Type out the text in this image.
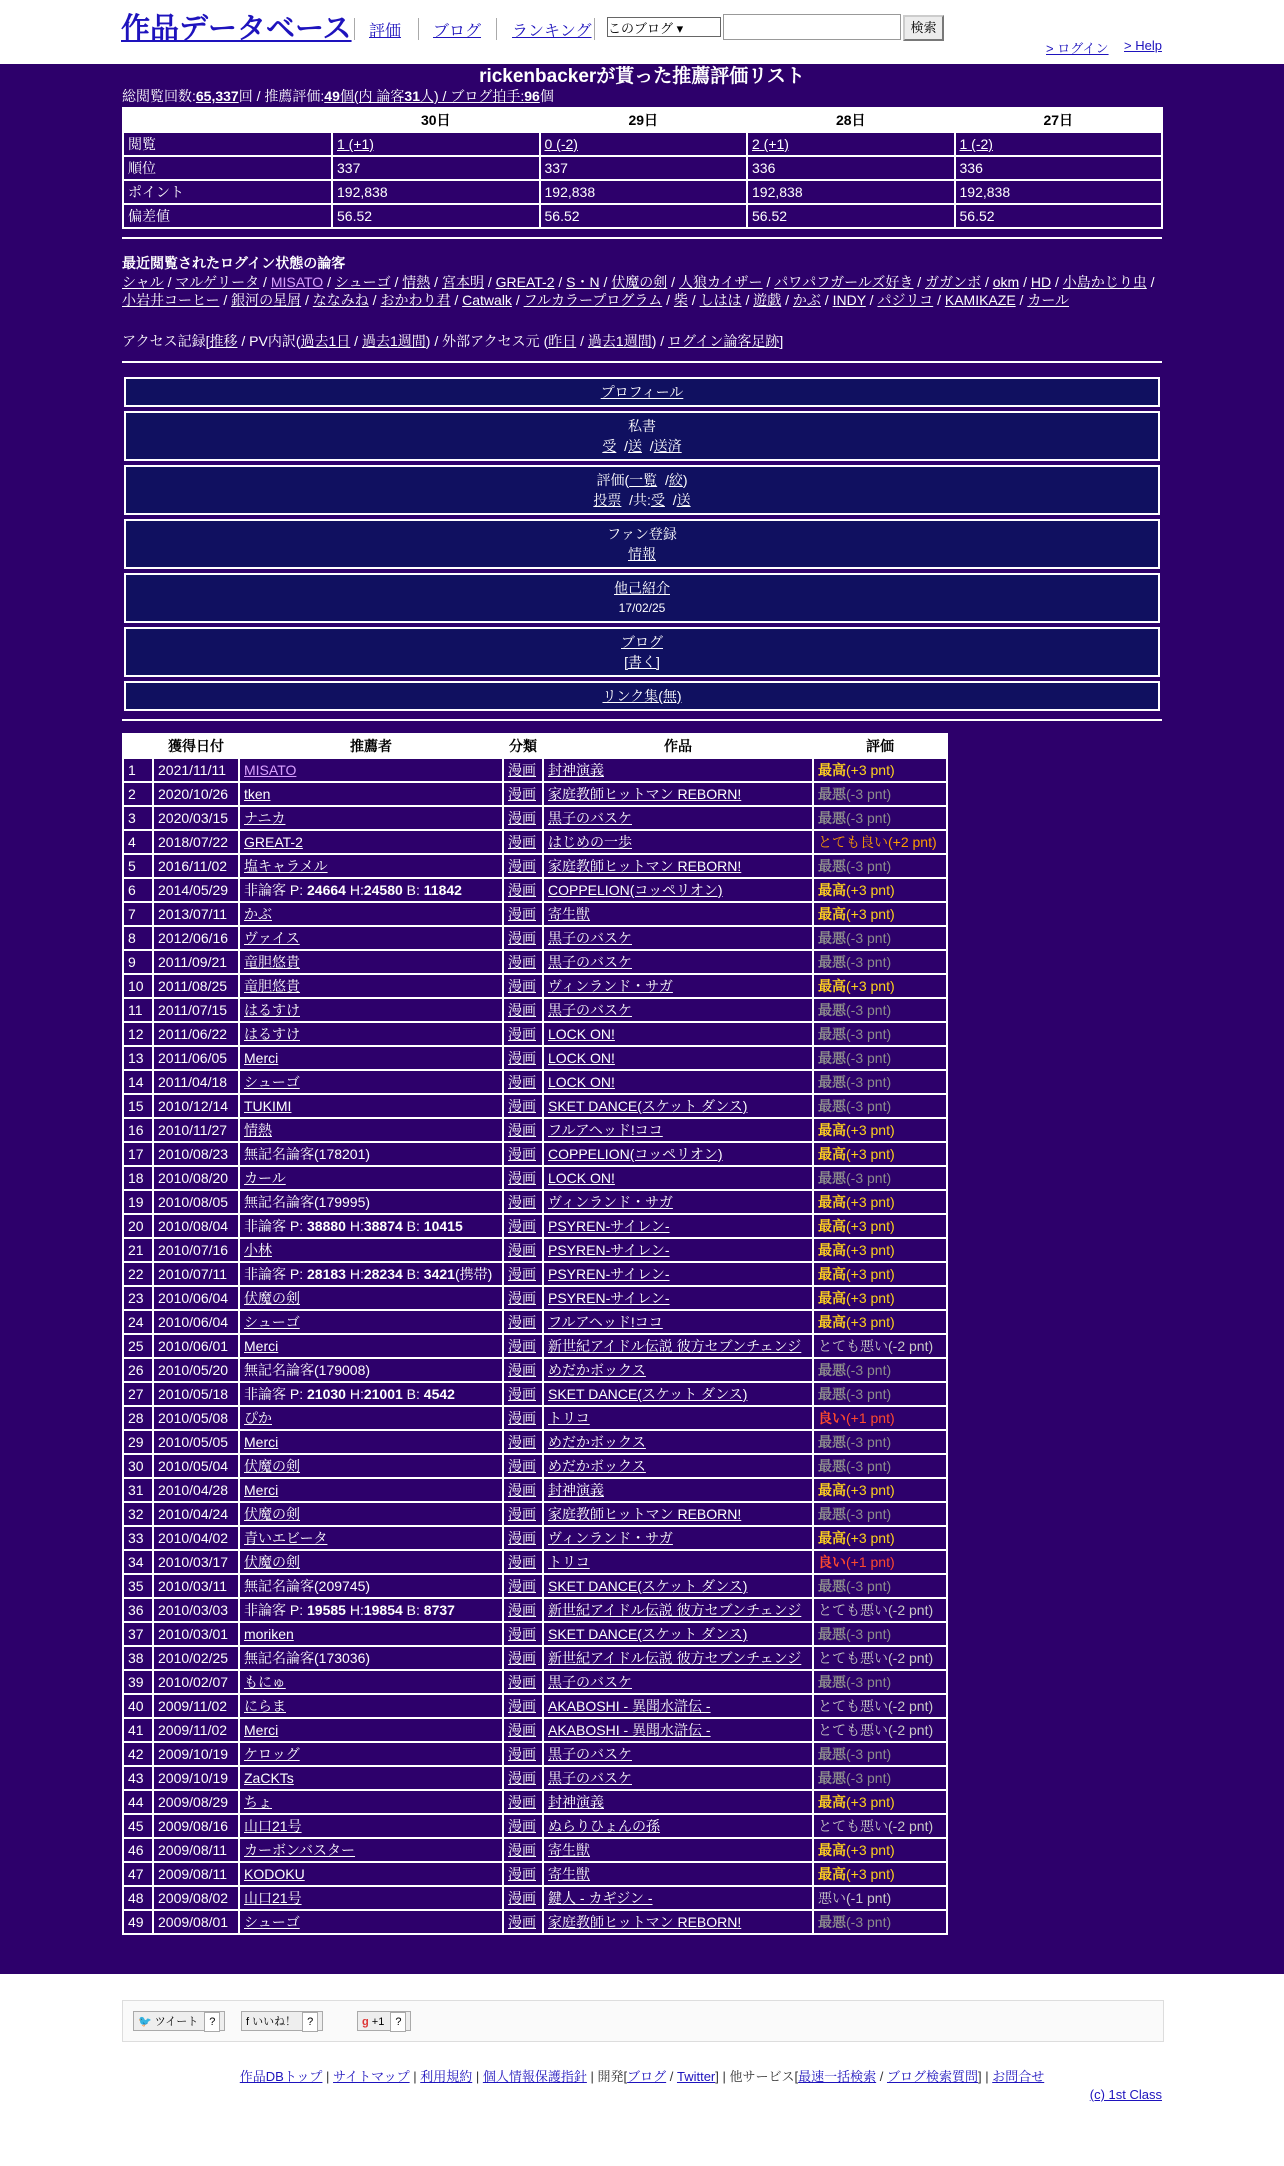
作品データベース 評価 ブログ ランキング このブログ ▾	検索
> ログイン > Help
rickenbackerが貰った推薦評価リスト
総閲覧回数:65,337回 / 推薦評価:49個(内 論客31人) / ブログ拍手:96個
	30日	29日	28日	27日
閲覧	1 (+1)	0 (-2)	2 (+1)	1 (-2)
順位	337	337	336	336
ポイント	192,838	192,838	192,838	192,838
偏差値	56.52	56.52	56.52	56.52
最近閲覧されたログイン状態の論客
シャル / マルゲリータ / MISATO / シューゴ / 情熱 / 宮本明 / GREAT-2 / S・N / 伏魔の剣 / 人狼カイザー / パワパフガールズ好き / ガガンボ / okm / HD / 小島かじり虫 / 小岩井コーヒー / 銀河の星屑 / ななみね / おかわり君 / Catwalk / フルカラープログラム / 柴 / しはは / 遊戯 / かぶ / INDY / パジリコ / KAMIKAZE / カール
アクセス記録[推移 / PV内訳(過去1日 / 過去1週間) / 外部アクセス元 (昨日 / 過去1週間) / ログイン論客足跡]
プロフィール
私書
受  /送  /送済
評価(一覧 /絞)
投票 /共:受  /送
ファン登録
情報
他己紹介
17/02/25
ブログ
[書く]
リンク集(無)
	獲得日付	推薦者	分類	作品	評価
1	2021/11/11	MISATO	漫画	封神演義	最高(+3 pnt)
2	2020/10/26	tken	漫画	家庭教師ヒットマン REBORN!	最悪(-3 pnt)
3	2020/03/15	ナニカ	漫画	黒子のバスケ	最悪(-3 pnt)
4	2018/07/22	GREAT-2	漫画	はじめの一歩	とても良い(+2 pnt)
5	2016/11/02	塩キャラメル	漫画	家庭教師ヒットマン REBORN!	最悪(-3 pnt)
6	2014/05/29	非論客 P: 24664 H:24580 B: 11842	漫画	COPPELION(コッペリオン)	最高(+3 pnt)
7	2013/07/11	かぶ	漫画	寄生獣	最高(+3 pnt)
8	2012/06/16	ヴァイス	漫画	黒子のバスケ	最悪(-3 pnt)
9	2011/09/21	竜胆悠貴	漫画	黒子のバスケ	最悪(-3 pnt)
10	2011/08/25	竜胆悠貴	漫画	ヴィンランド・サガ	最高(+3 pnt)
11	2011/07/15	はるすけ	漫画	黒子のバスケ	最悪(-3 pnt)
12	2011/06/22	はるすけ	漫画	LOCK ON!	最悪(-3 pnt)
13	2011/06/05	Merci	漫画	LOCK ON!	最悪(-3 pnt)
14	2011/04/18	シューゴ	漫画	LOCK ON!	最悪(-3 pnt)
15	2010/12/14	TUKIMI	漫画	SKET DANCE(スケット ダンス)	最悪(-3 pnt)
16	2010/11/27	情熱	漫画	フルアヘッド!ココ	最高(+3 pnt)
17	2010/08/23	無記名論客(178201)	漫画	COPPELION(コッペリオン)	最高(+3 pnt)
18	2010/08/20	カール	漫画	LOCK ON!	最悪(-3 pnt)
19	2010/08/05	無記名論客(179995)	漫画	ヴィンランド・サガ	最高(+3 pnt)
20	2010/08/04	非論客 P: 38880 H:38874 B: 10415	漫画	PSYREN-サイレン-	最高(+3 pnt)
21	2010/07/16	小林	漫画	PSYREN-サイレン-	最高(+3 pnt)
22	2010/07/11	非論客 P: 28183 H:28234 B: 3421(携帯)	漫画	PSYREN-サイレン-	最高(+3 pnt)
23	2010/06/04	伏魔の剣	漫画	PSYREN-サイレン-	最高(+3 pnt)
24	2010/06/04	シューゴ	漫画	フルアヘッド!ココ	最高(+3 pnt)
25	2010/06/01	Merci	漫画	新世紀アイドル伝説 彼方セブンチェンジ	とても悪い(-2 pnt)
26	2010/05/20	無記名論客(179008)	漫画	めだかボックス	最悪(-3 pnt)
27	2010/05/18	非論客 P: 21030 H:21001 B: 4542	漫画	SKET DANCE(スケット ダンス)	最悪(-3 pnt)
28	2010/05/08	ぴか	漫画	トリコ	良い(+1 pnt)
29	2010/05/05	Merci	漫画	めだかボックス	最悪(-3 pnt)
30	2010/05/04	伏魔の剣	漫画	めだかボックス	最悪(-3 pnt)
31	2010/04/28	Merci	漫画	封神演義	最高(+3 pnt)
32	2010/04/24	伏魔の剣	漫画	家庭教師ヒットマン REBORN!	最悪(-3 pnt)
33	2010/04/02	青いエビータ	漫画	ヴィンランド・サガ	最高(+3 pnt)
34	2010/03/17	伏魔の剣	漫画	トリコ	良い(+1 pnt)
35	2010/03/11	無記名論客(209745)	漫画	SKET DANCE(スケット ダンス)	最悪(-3 pnt)
36	2010/03/03	非論客 P: 19585 H:19854 B: 8737	漫画	新世紀アイドル伝説 彼方セブンチェンジ	とても悪い(-2 pnt)
37	2010/03/01	moriken	漫画	SKET DANCE(スケット ダンス)	最悪(-3 pnt)
38	2010/02/25	無記名論客(173036)	漫画	新世紀アイドル伝説 彼方セブンチェンジ	とても悪い(-2 pnt)
39	2010/02/07	もにゅ	漫画	黒子のバスケ	最悪(-3 pnt)
40	2009/11/02	にらま	漫画	AKABOSHI - 異聞水滸伝 -	とても悪い(-2 pnt)
41	2009/11/02	Merci	漫画	AKABOSHI - 異聞水滸伝 -	とても悪い(-2 pnt)
42	2009/10/19	ケロッグ	漫画	黒子のバスケ	最悪(-3 pnt)
43	2009/10/19	ZaCKTs	漫画	黒子のバスケ	最悪(-3 pnt)
44	2009/08/29	ちょ	漫画	封神演義	最高(+3 pnt)
45	2009/08/16	山口21号	漫画	ぬらりひょんの孫	とても悪い(-2 pnt)
46	2009/08/11	カーボンバスター	漫画	寄生獣	最高(+3 pnt)
47	2009/08/11	KODOKU	漫画	寄生獣	最高(+3 pnt)
48	2009/08/02	山口21号	漫画	鍵人 - カギジン -	悪い(-1 pnt)
49	2009/08/01	シューゴ	漫画	家庭教師ヒットマン REBORN!	最悪(-3 pnt)
🐦 ツイート ?	f いいね！ ?	g +1 ?
作品DBトップ | サイトマップ | 利用規約 | 個人情報保護指針 | 開発[ブログ / Twitter] | 他サービス[最速一括検索 / ブログ検索質問] | お問合せ
(c) 1st Class
